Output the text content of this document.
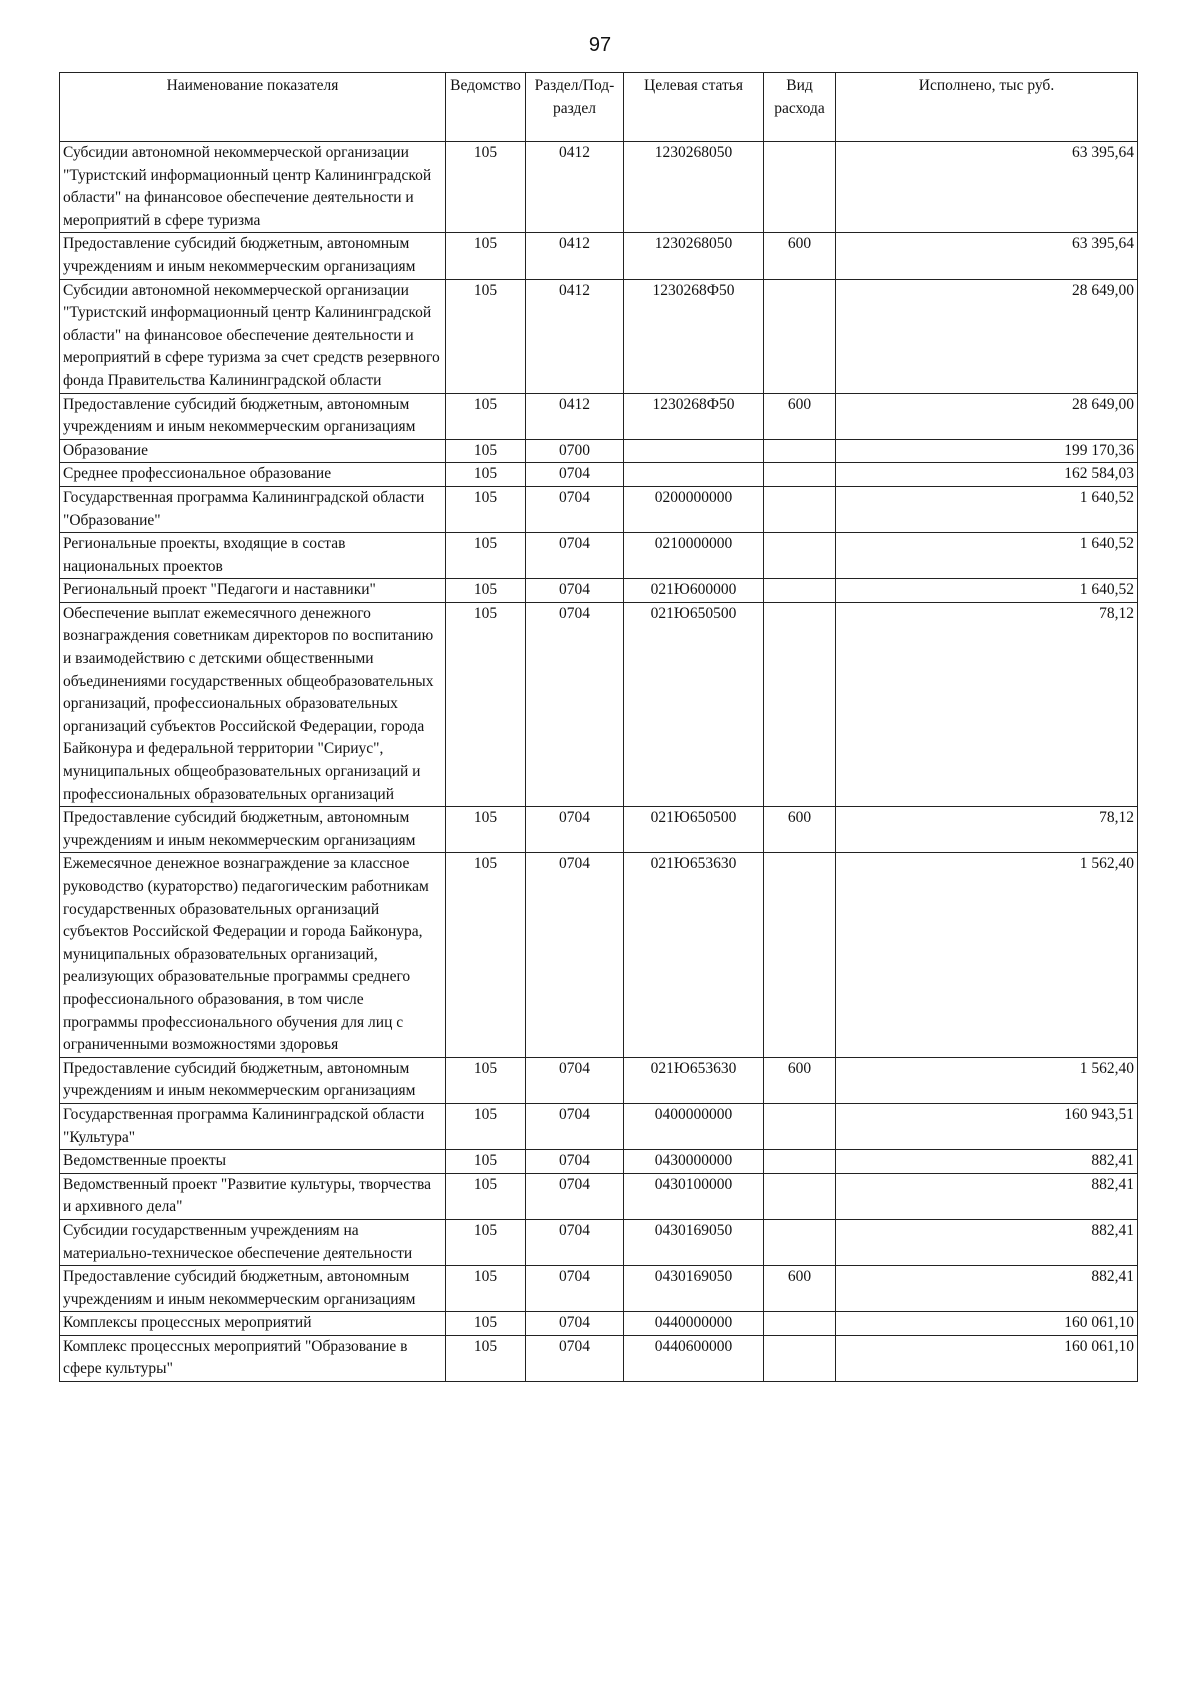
97
Наименование показателя	Ведомство	Раздел/Под-раздел	Целевая статья	Вид расхода	Исполнено, тыс руб.
Субсидии автономной некоммерческой организации "Туристский информационный центр Калининградской области" на финансовое обеспечение деятельности и мероприятий в сфере туризма	105	0412	1230268050		63 395,64
Предоставление субсидий бюджетным, автономным учреждениям и иным некоммерческим организациям	105	0412	1230268050	600	63 395,64
Субсидии автономной некоммерческой организации "Туристский информационный центр Калининградской области" на финансовое обеспечение деятельности и мероприятий в сфере туризма за счет средств резервного фонда Правительства Калининградской области	105	0412	1230268Ф50		28 649,00
Предоставление субсидий бюджетным, автономным учреждениям и иным некоммерческим организациям	105	0412	1230268Ф50	600	28 649,00
Образование	105	0700			199 170,36
Среднее профессиональное образование	105	0704			162 584,03
Государственная программа Калининградской области "Образование"	105	0704	0200000000		1 640,52
Региональные проекты, входящие в состав национальных проектов	105	0704	0210000000		1 640,52
Региональный проект "Педагоги и наставники"	105	0704	021Ю600000		1 640,52
Обеспечение выплат ежемесячного денежного вознаграждения советникам директоров по воспитанию и взаимодействию с детскими общественными объединениями государственных общеобразовательных организаций, профессиональных образовательных организаций субъектов Российской Федерации, города Байконура и федеральной территории "Сириус", муниципальных общеобразовательных организаций и профессиональных образовательных организаций	105	0704	021Ю650500		78,12
Предоставление субсидий бюджетным, автономным учреждениям и иным некоммерческим организациям	105	0704	021Ю650500	600	78,12
Ежемесячное денежное вознаграждение за классное руководство (кураторство) педагогическим работникам государственных образовательных организаций субъектов Российской Федерации и города Байконура, муниципальных образовательных организаций, реализующих образовательные программы среднего профессионального образования, в том числе программы профессионального обучения для лиц с ограниченными возможностями здоровья	105	0704	021Ю653630		1 562,40
Предоставление субсидий бюджетным, автономным учреждениям и иным некоммерческим организациям	105	0704	021Ю653630	600	1 562,40
Государственная программа Калининградской области "Культура"	105	0704	0400000000		160 943,51
Ведомственные проекты	105	0704	0430000000		882,41
Ведомственный проект "Развитие культуры, творчества и архивного дела"	105	0704	0430100000		882,41
Субсидии государственным учреждениям на материально-техническое обеспечение деятельности	105	0704	0430169050		882,41
Предоставление субсидий бюджетным, автономным учреждениям и иным некоммерческим организациям	105	0704	0430169050	600	882,41
Комплексы процессных мероприятий	105	0704	0440000000		160 061,10
Комплекс процессных мероприятий "Образование в сфере культуры"	105	0704	0440600000		160 061,10
